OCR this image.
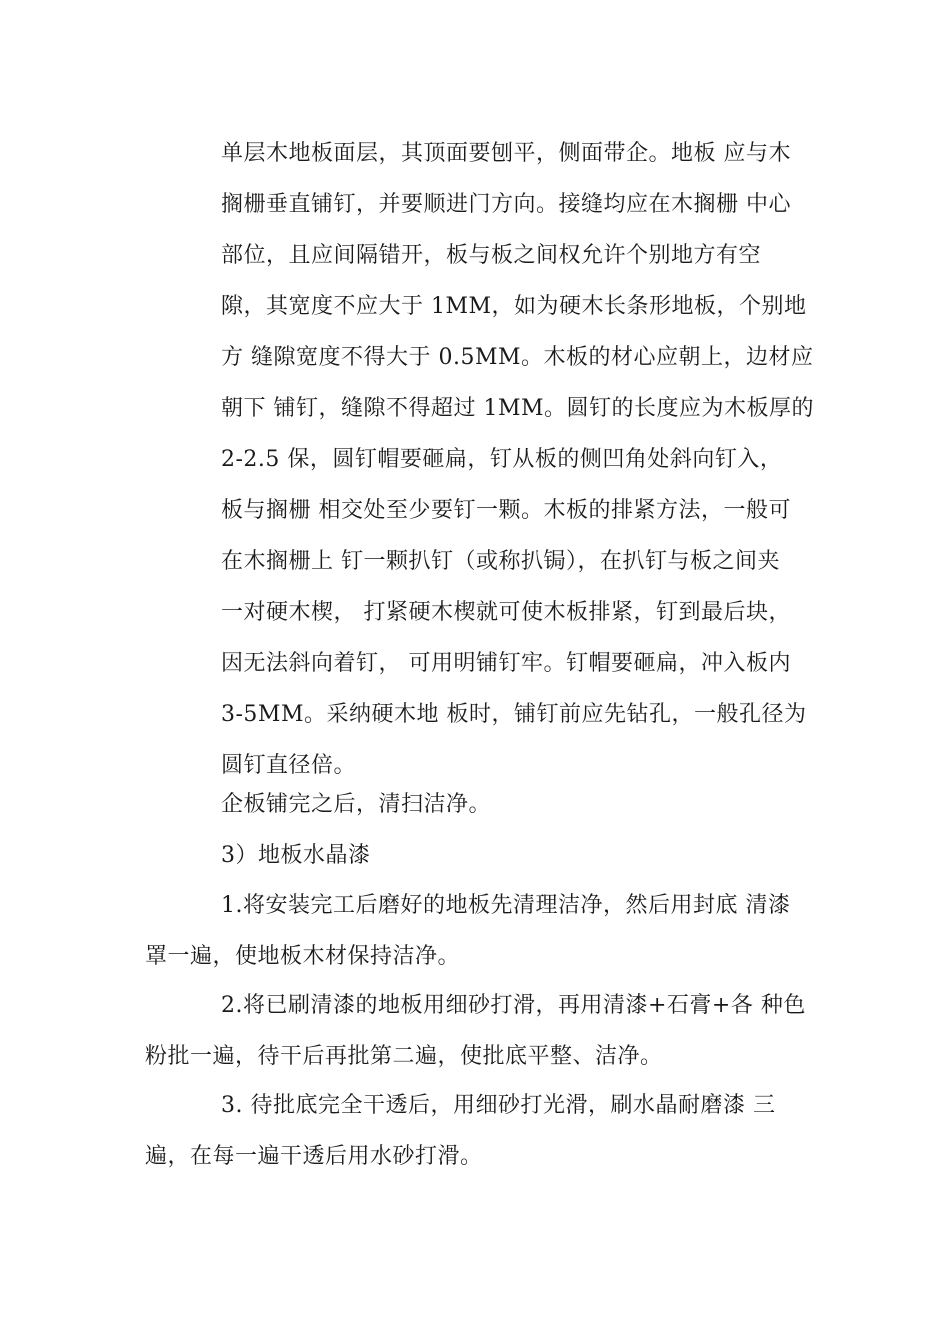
单层木地板面层，其顶面要刨平，侧面带企。地板 应与木
搁栅垂直铺钉，并要顺进门方向。接缝均应在木搁栅 中心
部位，且应间隔错开，板与板之间权允许个别地方有空
隙，其宽度不应大于 1MM，如为硬木长条形地板，个别地
方 缝隙宽度不得大于 0.5MM。木板的材心应朝上，边材应
朝下 铺钉，缝隙不得超过 1MM。圆钉的长度应为木板厚的
2-2.5 保，圆钉帽要砸扁，钉从板的侧凹角处斜向钉入，
板与搁栅 相交处至少要钉一颗。木板的排紧方法，一般可
在木搁栅上 钉一颗扒钉（或称扒锔），在扒钉与板之间夹
一对硬木楔， 打紧硬木楔就可使木板排紧，钉到最后块，
因无法斜向着钉， 可用明铺钉牢。钉帽要砸扁，冲入板内
3-5MM。采纳硬木地 板时，铺钉前应先钻孔，一般孔径为
圆钉直径倍。
企板铺完之后，清扫洁净。
3）地板水晶漆
1.将安装完工后磨好的地板先清理洁净，然后用封底 清漆
罩一遍，使地板木材保持洁净。
2.将已刷清漆的地板用细砂打滑，再用清漆+石膏+各 种色
粉批一遍，待干后再批第二遍，使批底平整、洁净。
3. 待批底完全干透后，用细砂打光滑，刷水晶耐磨漆 三
遍，在每一遍干透后用水砂打滑。
